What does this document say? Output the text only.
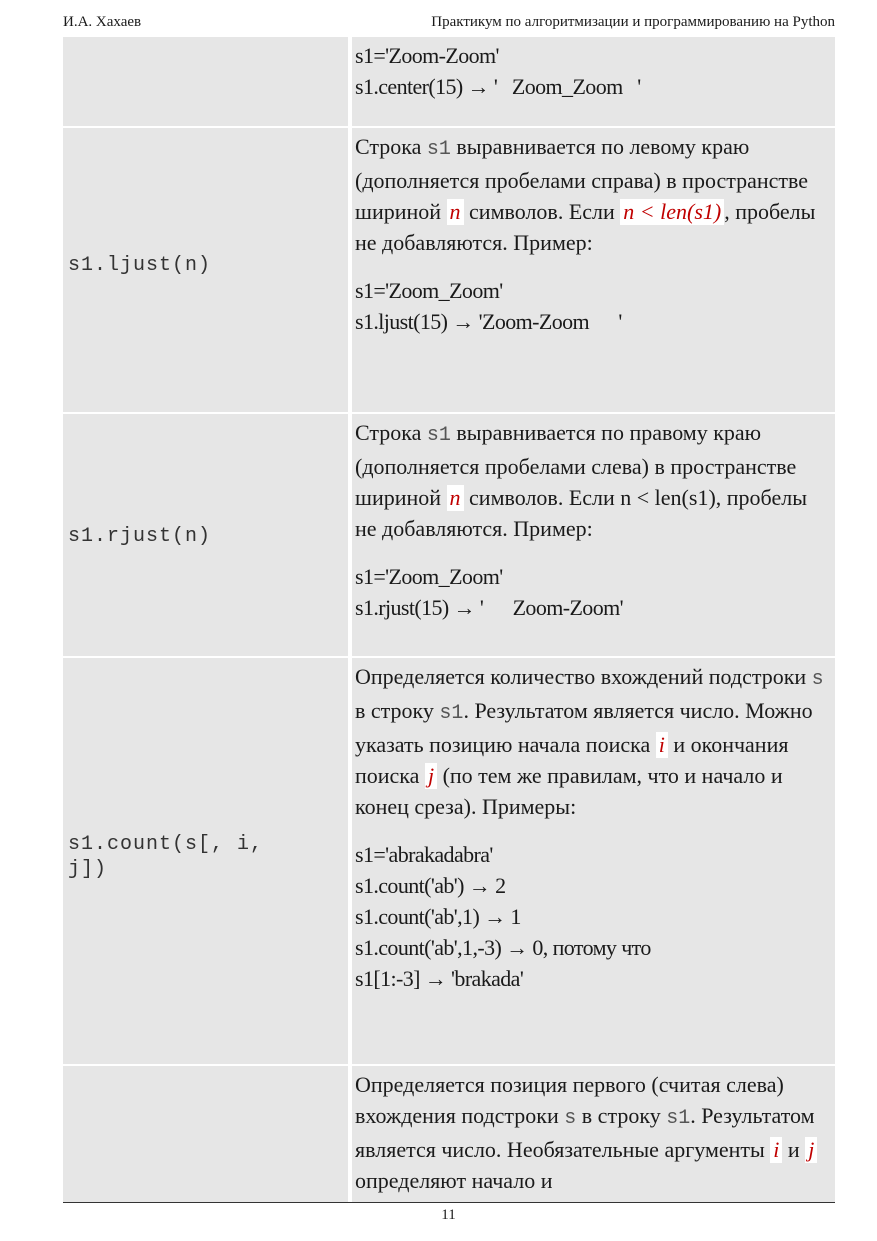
И.А. Хахаев	Практикум по алгоритмизации и программированию на Python
s1='Zoom-Zoom'
s1.center(15) → '   Zoom_Zoom   '
s1.ljust(n)
Строка s1 выравнивается по левому краю (дополняется пробелами справа) в пространстве шириной n символов. Если n < len(s1) , пробелы не добавляются. Пример:
s1='Zoom_Zoom'
s1.ljust(15) → 'Zoom-Zoom      '
s1.rjust(n)
Строка s1 выравнивается по правому краю (дополняется пробелами слева) в пространстве шириной n символов. Если n < len(s1), пробелы не добавляются. Пример:
s1='Zoom_Zoom'
s1.rjust(15) → '      Zoom-Zoom'
s1.count(s[, i, j])
Определяется количество вхождений подстроки s в строку s1. Результатом является число. Можно указать позицию начала поиска i и окончания поиска j (по тем же правилам, что и начало и конец среза). Примеры:
s1='abrakadabra'
s1.count('ab') → 2
s1.count('ab',1) → 1
s1.count('ab',1,-3) → 0, потому что
s1[1:-3] → 'brakada'
Определяется позиция первого (считая слева) вхождения подстроки s в строку s1. Результатом является число. Необязательные аргументы i и j определяют начало и
11
